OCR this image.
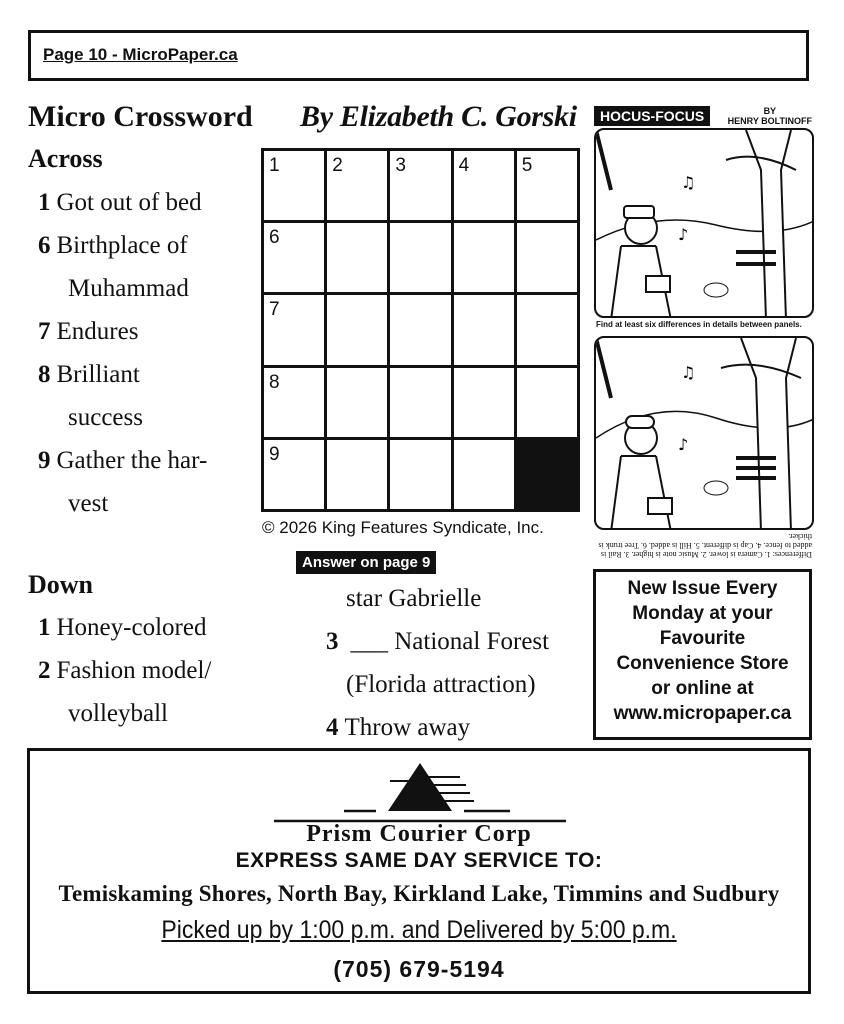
Page 10 - MicroPaper.ca
Micro Crossword By Elizabeth C. Gorski
Across
1 Got out of bed
6 Birthplace of
Muhammad
7 Endures
8 Brilliant
success
9 Gather the har-
vest
1	2	3	4	5
6
7
8
9
© 2026 King Features Syndicate, Inc.
Answer on page 9
Down
1 Honey-colored
2 Fashion model/
volleyball
star Gabrielle
3 ___ National Forest
(Florida attraction)
4 Throw away
HOCUS-FOCUS	BY
HENRY BOLTINOFF
♫
♪
Find at least six differences in details between panels.
♫
♪
Differences: 1. Camera is lower. 2. Music note is higher. 3. Rail is added to fence. 4. Cap is different. 5. Hill is added. 6. Tree trunk is thicker.
New Issue Every
Monday at your
Favourite
Convenience Store
or online at
www.micropaper.ca
Prism Courier Corp
EXPRESS SAME DAY SERVICE TO:
Temiskaming Shores, North Bay, Kirkland Lake, Timmins and Sudbury
Picked up by 1:00 p.m. and Delivered by 5:00 p.m.
(705) 679-5194
